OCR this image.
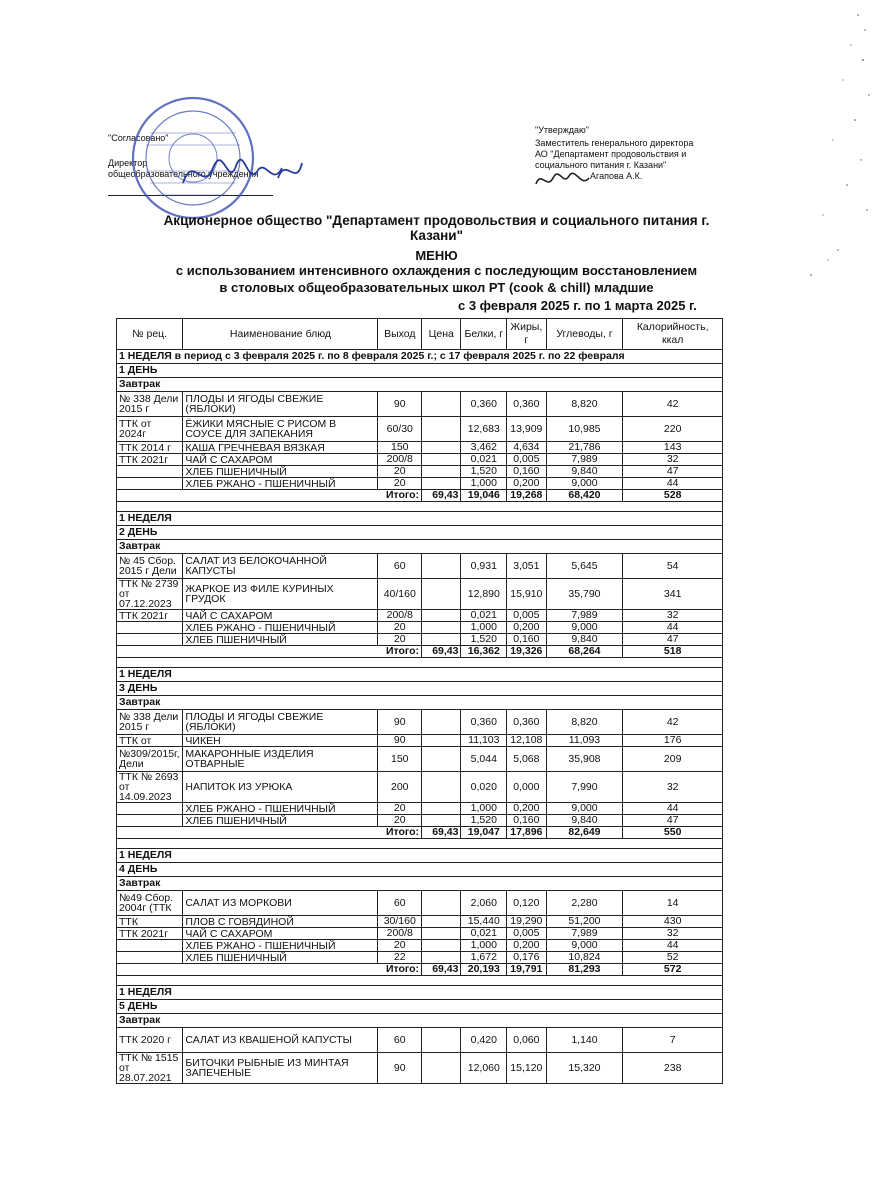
"Согласовано"
Директор
общеобразовательного учреждения
"Утверждаю"
Заместитель генерального директора
АО "Департамент продовольствия и
социального питания г. Казани"
Агапова А.К.
Акционерное общество "Департамент продовольствия и социального питания г.
Казани"
МЕНЮ
с использованием интенсивного охлаждения с последующим восстановлением
в столовых общеобразовательных школ РТ (cook & chill) младшие
с 3 февраля 2025 г. по 1 марта 2025 г.
№ рец.	Наименование блюд	Выход	Цена	Белки, г	Жиры, г	Углеводы, г	Калорийность, ккал
1 НЕДЕЛЯ в период с 3 февраля 2025 г. по 8 февраля 2025 г.; с 17 февраля 2025 г. по 22 февраля							
1 ДЕНЬ							
Завтрак							
№ 338 Дели 2015 г	ПЛОДЫ И ЯГОДЫ СВЕЖИЕ (ЯБЛОКИ)	90		0,360	0,360	8,820	42
ТТК от 2024г	ЁЖИКИ МЯСНЫЕ С РИСОМ В СОУСЕ ДЛЯ ЗАПЕКАНИЯ	60/30		12,683	13,909	10,985	220
ТТК 2014 г	КАША ГРЕЧНЕВАЯ ВЯЗКАЯ	150		3,462	4,634	21,786	143
ТТК 2021г	ЧАЙ С САХАРОМ	200/8		0,021	0,005	7,989	32
	ХЛЕБ ПШЕНИЧНЫЙ	20		1,520	0,160	9,840	47
	ХЛЕБ РЖАНО - ПШЕНИЧНЫЙ	20		1,000	0,200	9,000	44
Итого:			69,43	19,046	19,268	68,420	528

1 НЕДЕЛЯ							
2 ДЕНЬ							
Завтрак							
№ 45 Сбор. 2015 г Дели	САЛАТ ИЗ БЕЛОКОЧАННОЙ КАПУСТЫ	60		0,931	3,051	5,645	54
ТТК № 2739 от 07.12.2023	ЖАРКОЕ ИЗ ФИЛЕ КУРИНЫХ ГРУДОК	40/160		12,890	15,910	35,790	341
ТТК 2021г	ЧАЙ С САХАРОМ	200/8		0,021	0,005	7,989	32
	ХЛЕБ РЖАНО - ПШЕНИЧНЫЙ	20		1,000	0,200	9,000	44
	ХЛЕБ ПШЕНИЧНЫЙ	20		1,520	0,160	9,840	47
Итого:			69,43	16,362	19,326	68,264	518

1 НЕДЕЛЯ							
3 ДЕНЬ							
Завтрак							
№ 338 Дели 2015 г	ПЛОДЫ И ЯГОДЫ СВЕЖИЕ (ЯБЛОКИ)	90		0,360	0,360	8,820	42
ТТК от	ЧИКЕН	90		11,103	12,108	11,093	176
№309/2015г, Дели	МАКАРОННЫЕ ИЗДЕЛИЯ ОТВАРНЫЕ	150		5,044	5,068	35,908	209
ТТК № 2693 от 14.09.2023	НАПИТОК ИЗ УРЮКА	200		0,020	0,000	7,990	32
	ХЛЕБ РЖАНО - ПШЕНИЧНЫЙ	20		1,000	0,200	9,000	44
	ХЛЕБ ПШЕНИЧНЫЙ	20		1,520	0,160	9,840	47
Итого:			69,43	19,047	17,896	82,649	550

1 НЕДЕЛЯ							
4 ДЕНЬ							
Завтрак							
№49 Сбор. 2004г (ТТК	САЛАТ ИЗ МОРКОВИ	60		2,060	0,120	2,280	14
ТТК	ПЛОВ С ГОВЯДИНОЙ	30/160		15,440	19,290	51,200	430
ТТК 2021г	ЧАЙ С САХАРОМ	200/8		0,021	0,005	7,989	32
	ХЛЕБ РЖАНО - ПШЕНИЧНЫЙ	20		1,000	0,200	9,000	44
	ХЛЕБ ПШЕНИЧНЫЙ	22		1,672	0,176	10,824	52
Итого:			69,43	20,193	19,791	81,293	572

1 НЕДЕЛЯ							
5 ДЕНЬ							
Завтрак							
ТТК 2020 г	САЛАТ ИЗ КВАШЕНОЙ КАПУСТЫ	60		0,420	0,060	1,140	7
ТТК № 1515 от 28.07.2021	БИТОЧКИ РЫБНЫЕ ИЗ МИНТАЯ ЗАПЕЧЕНЫЕ	90		12,060	15,120	15,320	238
